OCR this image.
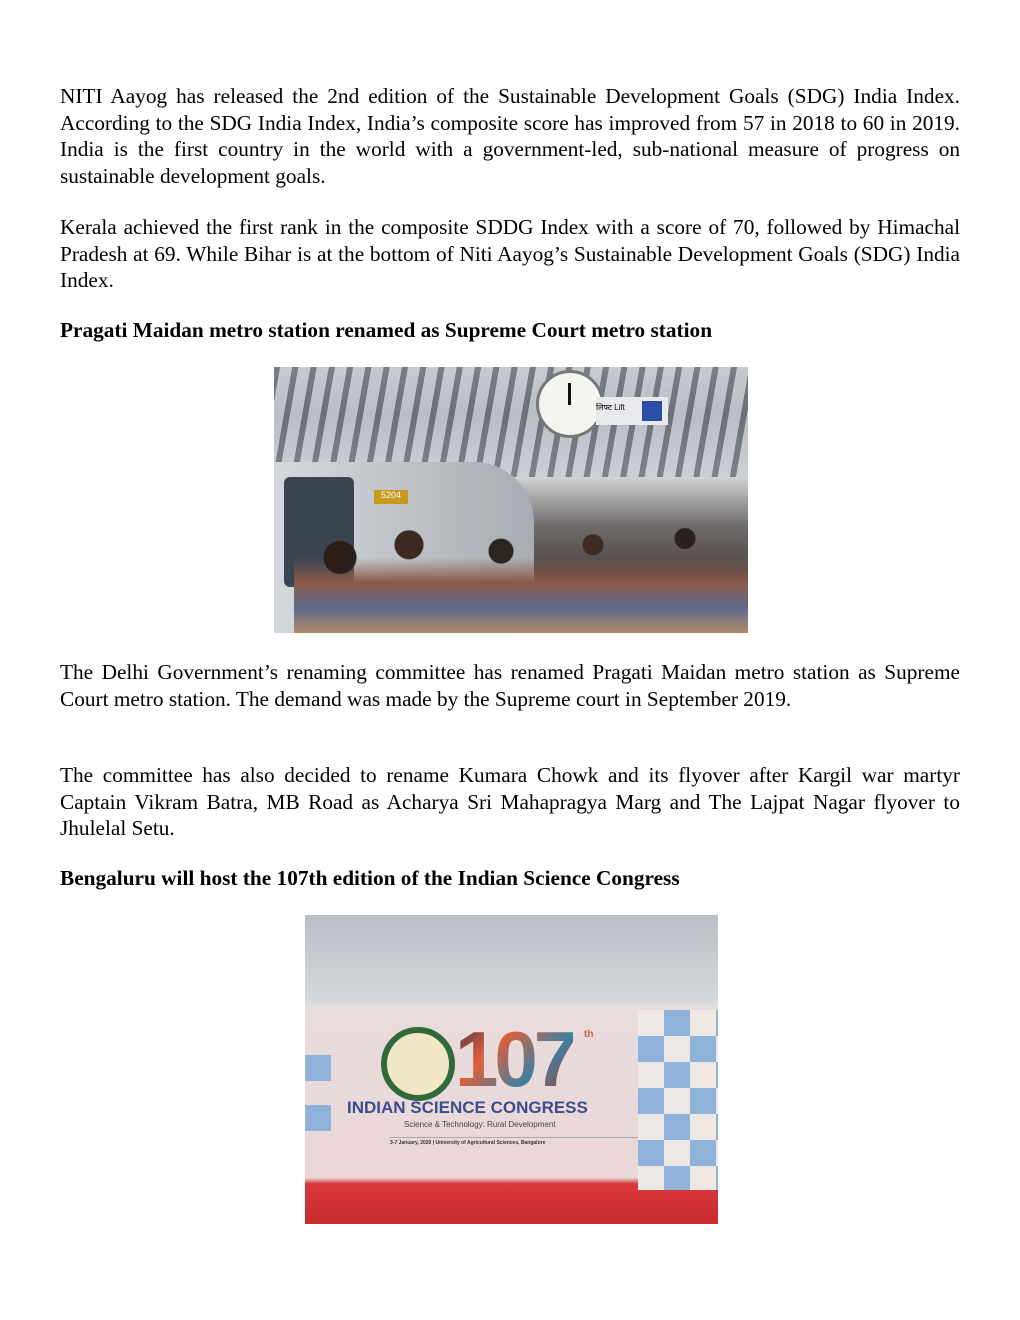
NITI Aayog has released the 2nd edition of the Sustainable Development Goals (SDG) India Index. According to the SDG India Index, India’s composite score has improved from 57 in 2018 to 60 in 2019. India is the first country in the world with a government-led, sub-national measure of progress on sustainable development goals.

Kerala achieved the first rank in the composite SDDG Index with a score of 70, followed by Himachal Pradesh at 69. While Bihar is at the bottom of Niti Aayog’s Sustainable Development Goals (SDG) India Index.

Pragati Maidan metro station renamed as Supreme Court metro station
5204
लिफ्ट Lift

The Delhi Government’s renaming committee has renamed Pragati Maidan metro station as Supreme Court metro station. The demand was made by the Supreme court in September 2019.

The committee has also decided to rename Kumara Chowk and its flyover after Kargil war martyr Captain Vikram Batra, MB Road as Acharya Sri Mahapragya Marg and The Lajpat Nagar flyover to Jhulelal Setu.

Bengaluru will host the 107th edition of the Indian Science Congress
107 th
INDIAN SCIENCE CONGRESS
Science & Technology: Rural Development
3-7 January, 2020 | University of Agricultural Sciences, Bangalore
